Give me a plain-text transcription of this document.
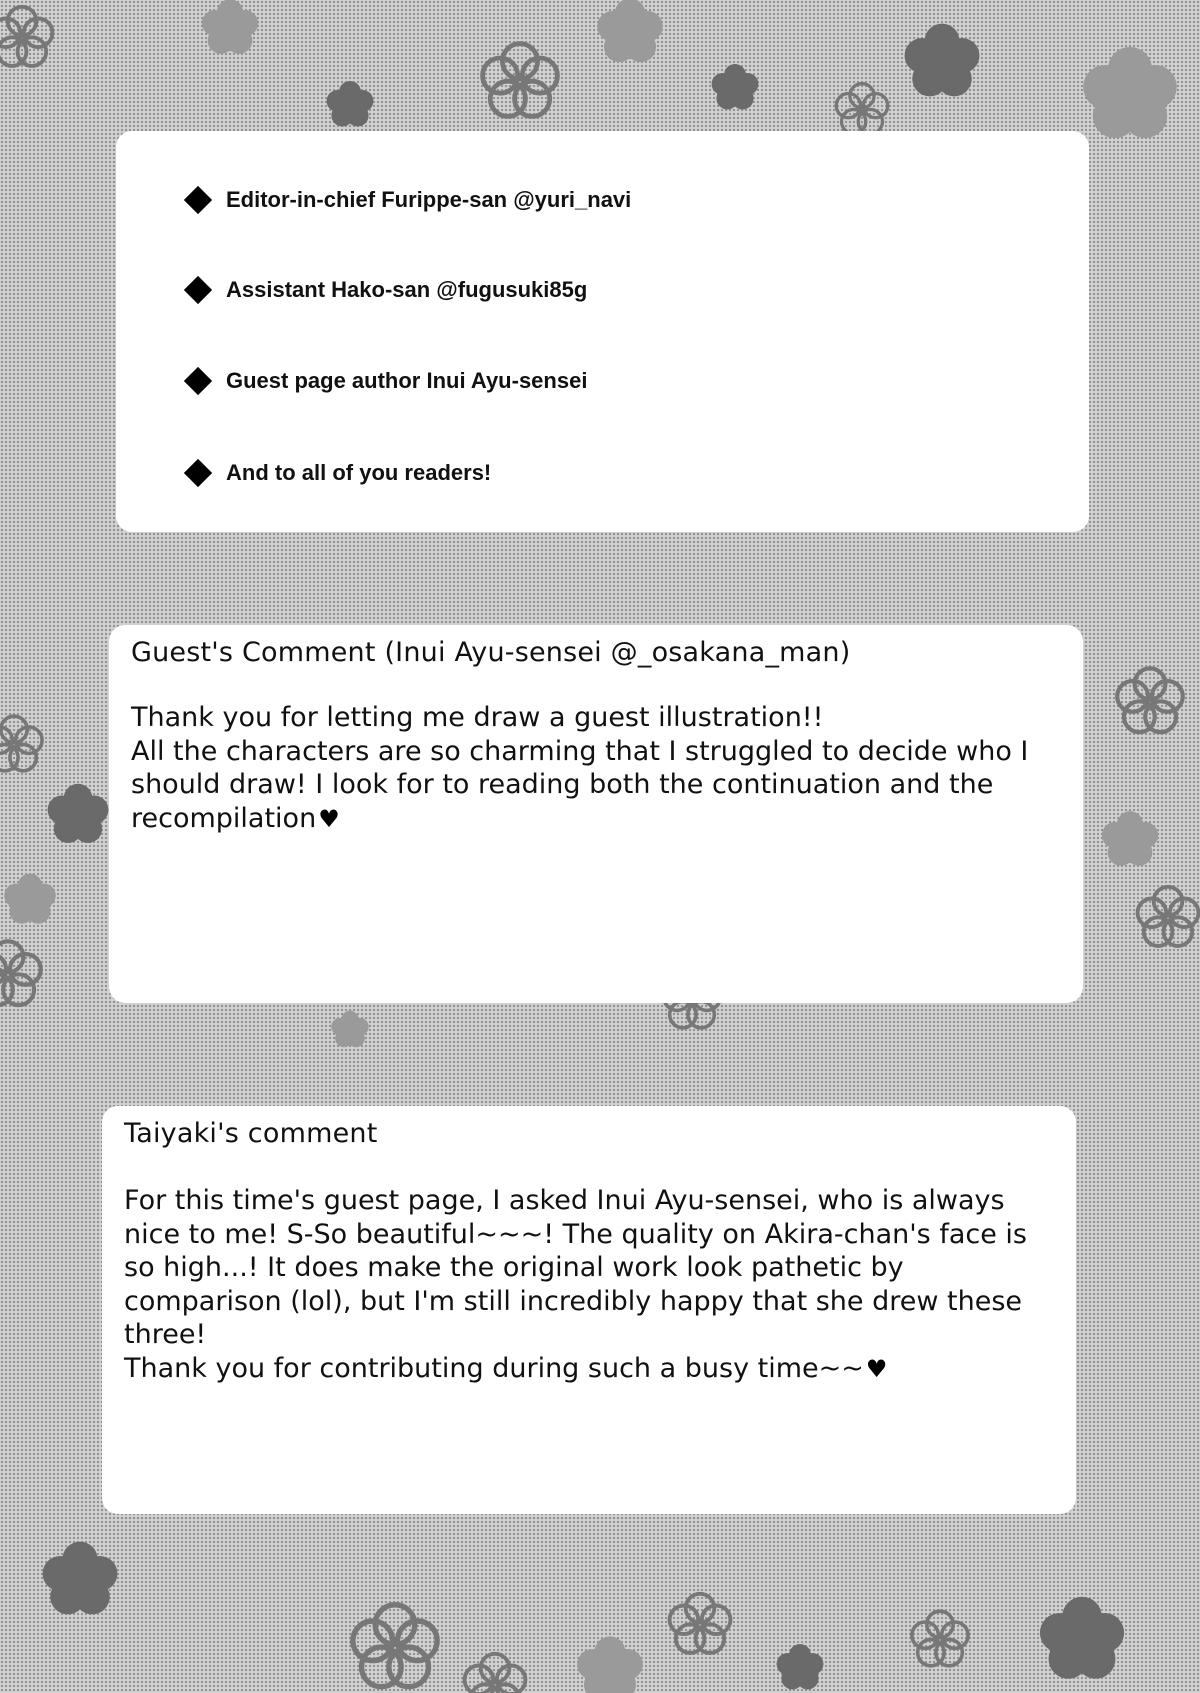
Editor-in-chief Furippe-san @yuri_navi
Assistant Hako-san @fugusuki85g
Guest page author Inui Ayu-sensei
And to all of you readers!
Guest's Comment (Inui Ayu-sensei @_osakana_man)

Thank you for letting me draw a guest illustration!!

All the characters are so charming that I struggled to decide who I should draw! I look for to reading both the continuation and the recompilation♥

Taiyaki's comment

For this time's guest page, I asked Inui Ayu-sensei, who is always nice to me! S-So beautiful~~~! The quality on Akira-chan's face is so high...! It does make the original work look pathetic by comparison (lol), but I'm still incredibly happy that she drew these three!

Thank you for contributing during such a busy time~~♥
